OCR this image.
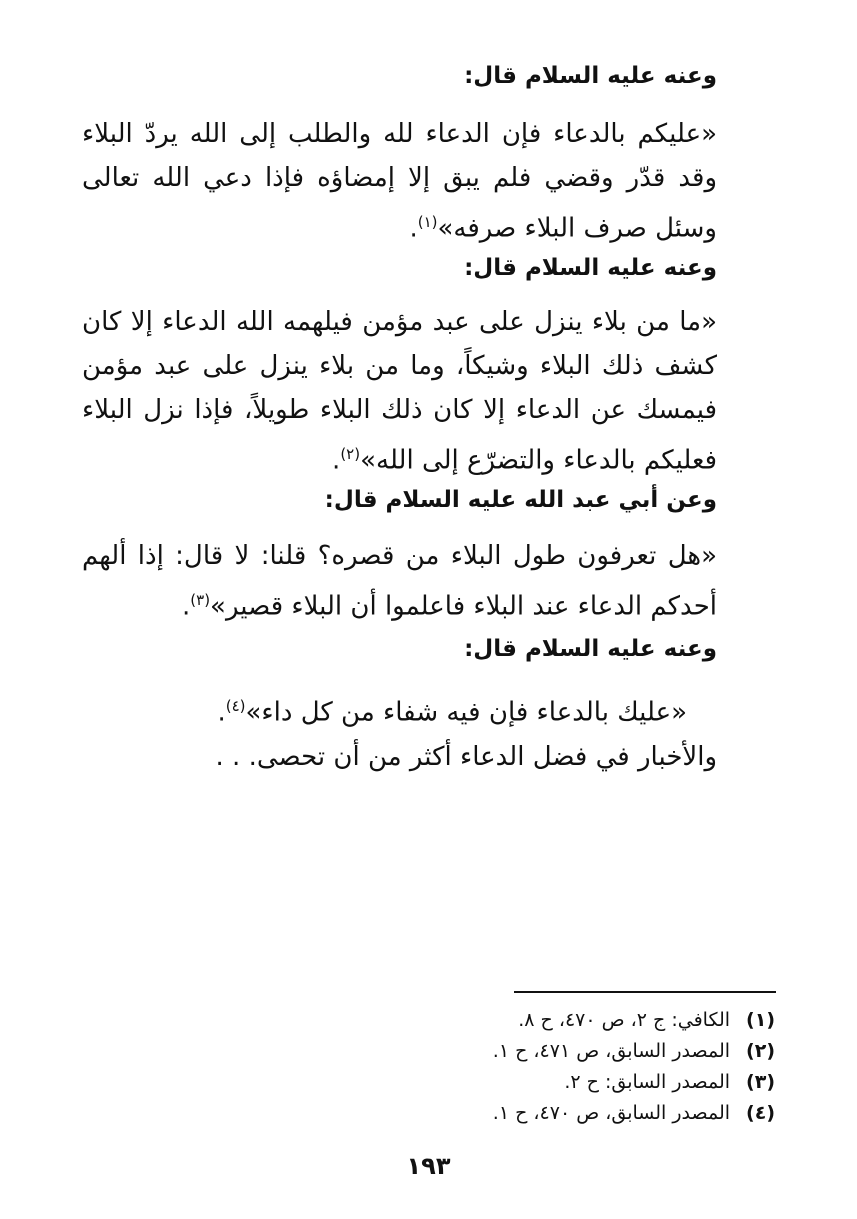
وعنه عليه السلام قال:
«عليكم بالدعاء فإن الدعاء لله والطلب إلى الله يردّ البلاء وقد قدّر وقضي فلم يبق إلا إمضاؤه فإذا دعي الله تعالى وسئل صرف البلاء صرفه»$^{(١)}$.
وعنه عليه السلام قال:
«ما من بلاء ينزل على عبد مؤمن فيلهمه الله الدعاء إلا كان كشف ذلك البلاء وشيكاً، وما من بلاء ينزل على عبد مؤمن فيمسك عن الدعاء إلا كان ذلك البلاء طويلاً، فإذا نزل البلاء فعليكم بالدعاء والتضرّع إلى الله»$^{(٢)}$.
وعن أبي عبد الله عليه السلام قال:
«هل تعرفون طول البلاء من قصره؟ قلنا: لا قال: إذا ألهم أحدكم الدعاء عند البلاء فاعلموا أن البلاء قصير»$^{(٣)}$.
وعنه عليه السلام قال:
«عليك بالدعاء فإن فيه شفاء من كل داء»$^{(٤)}$.
والأخبار في فضل الدعاء أكثر من أن تحصى. . .
(١)
الكافي: ج ٢، ص ٤٧٠، ح ٨.
(٢)
المصدر السابق، ص ٤٧١، ح ١.
(٣)
المصدر السابق: ح ٢.
(٤)
المصدر السابق، ص ٤٧٠، ح ١.
١٩٣
